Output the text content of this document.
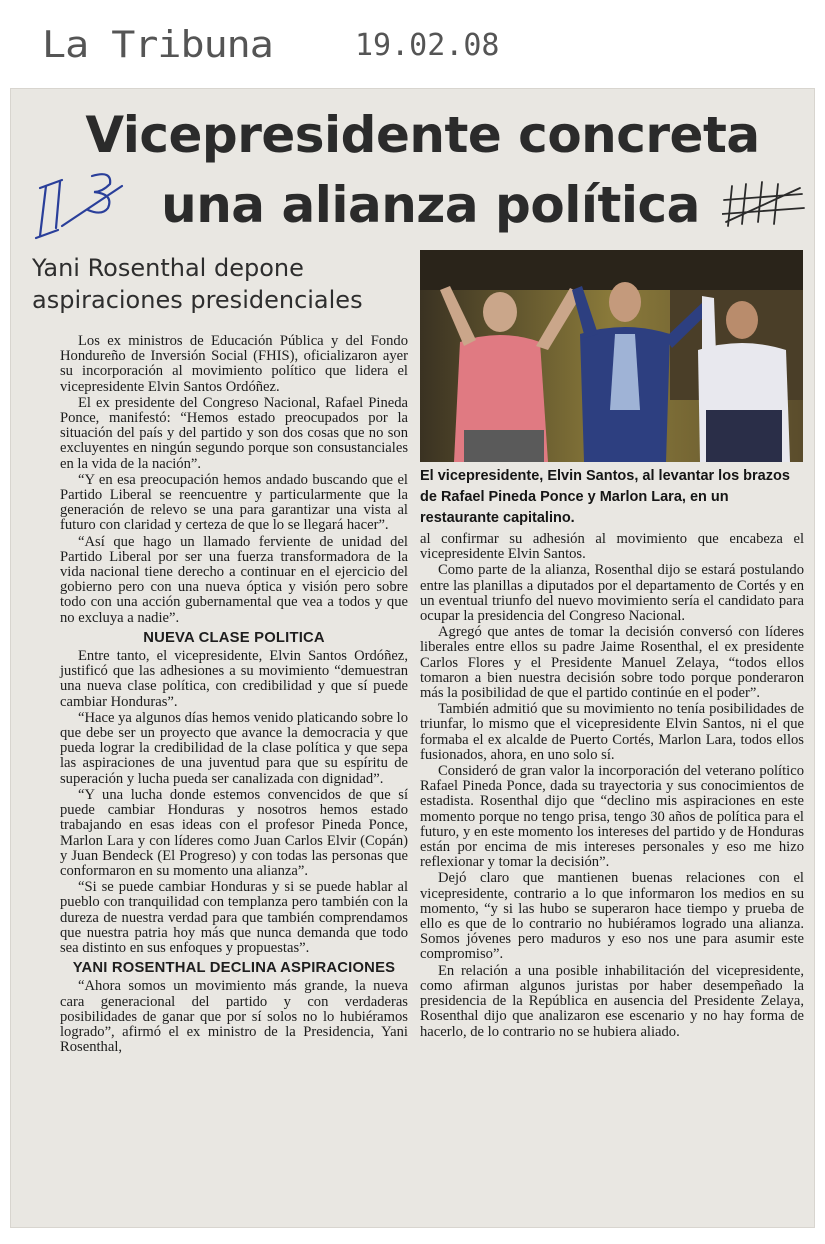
La Tribuna	19.02.08
Vicepresidente concreta
una alianza política
Yani Rosenthal depone
aspiraciones presidenciales
El vicepresidente, Elvin Santos, al levantar los brazos de Rafael Pineda Ponce y Marlon Lara, en un restaurante capitalino.

Los ex ministros de Educación Pública y del Fondo Hondureño de Inversión Social (FHIS), oficializaron ayer su incorporación al movimiento político que lidera el vicepresidente Elvin Santos Ordóñez.

El ex presidente del Congreso Nacional, Rafael Pineda Ponce, manifestó: “Hemos estado preocupados por la situación del país y del partido y son dos cosas que no son excluyentes en ningún segundo porque son consustanciales en la vida de la nación”.

“Y en esa preocupación hemos andado buscando que el Partido Liberal se reencuentre y particularmente que la generación de relevo se una para garantizar una vista al futuro con claridad y certeza de que lo se llegará hacer”.

“Así que hago un llamado ferviente de unidad del Partido Liberal por ser una fuerza transformadora de la vida nacional tiene derecho a continuar en el ejercicio del gobierno pero con una nueva óptica y visión pero sobre todo con una acción gubernamental que vea a todos y que no excluya a nadie”.

NUEVA CLASE POLITICA

Entre tanto, el vicepresidente, Elvin Santos Ordóñez, justificó que las adhesiones a su movimiento “demuestran una nueva clase política, con credibilidad y que sí puede cambiar Honduras”.

“Hace ya algunos días hemos venido platicando sobre lo que debe ser un proyecto que avance la democracia y que pueda lograr la credibilidad de la clase política y que sepa las aspiraciones de una juventud para que su espíritu de superación y lucha pueda ser canalizada con dignidad”.

“Y una lucha donde estemos convencidos de que sí puede cambiar Honduras y nosotros hemos estado trabajando en esas ideas con el profesor Pineda Ponce, Marlon Lara y con líderes como Juan Carlos Elvir (Copán) y Juan Bendeck (El Progreso) y con todas las personas que conformaron en su momento una alianza”.

“Si se puede cambiar Honduras y si se puede hablar al pueblo con tranquilidad con templanza pero también con la dureza de nuestra verdad para que también comprendamos que nuestra patria hoy más que nunca demanda que todo sea distinto en sus enfoques y propuestas”.

YANI ROSENTHAL DECLINA ASPIRACIONES

“Ahora somos un movimiento más grande, la nueva cara generacional del partido y con verdaderas posibilidades de ganar que por sí solos no lo hubiéramos logrado”, afirmó el ex ministro de la Presidencia, Yani Rosenthal,

al confirmar su adhesión al movimiento que encabeza el vicepresidente Elvin Santos.

Como parte de la alianza, Rosenthal dijo se estará postulando entre las planillas a diputados por el departamento de Cortés y en un eventual triunfo del nuevo movimiento sería el candidato para ocupar la presidencia del Congreso Nacional.

Agregó que antes de tomar la decisión conversó con líderes liberales entre ellos su padre Jaime Rosenthal, el ex presidente Carlos Flores y el Presidente Manuel Zelaya, “todos ellos tomaron a bien nuestra decisión sobre todo porque ponderaron más la posibilidad de que el partido continúe en el poder”.

También admitió que su movimiento no tenía posibilidades de triunfar, lo mismo que el vicepresidente Elvin Santos, ni el que formaba el ex alcalde de Puerto Cortés, Marlon Lara, todos ellos fusionados, ahora, en uno solo sí.

Consideró de gran valor la incorporación del veterano político Rafael Pineda Ponce, dada su trayectoria y sus conocimientos de estadista. Rosenthal dijo que “declino mis aspiraciones en este momento porque no tengo prisa, tengo 30 años de política para el futuro, y en este momento los intereses del partido y de Honduras están por encima de mis intereses personales y eso me hizo reflexionar y tomar la decisión”.

Dejó claro que mantienen buenas relaciones con el vicepresidente, contrario a lo que informaron los medios en su momento, “y si las hubo se superaron hace tiempo y prueba de ello es que de lo contrario no hubiéramos logrado una alianza. Somos jóvenes pero maduros y eso nos une para asumir este compromiso”.

En relación a una posible inhabilitación del vicepresidente, como afirman algunos juristas por haber desempeñado la presidencia de la República en ausencia del Presidente Zelaya, Rosenthal dijo que analizaron ese escenario y no hay forma de hacerlo, de lo contrario no se hubiera aliado.
